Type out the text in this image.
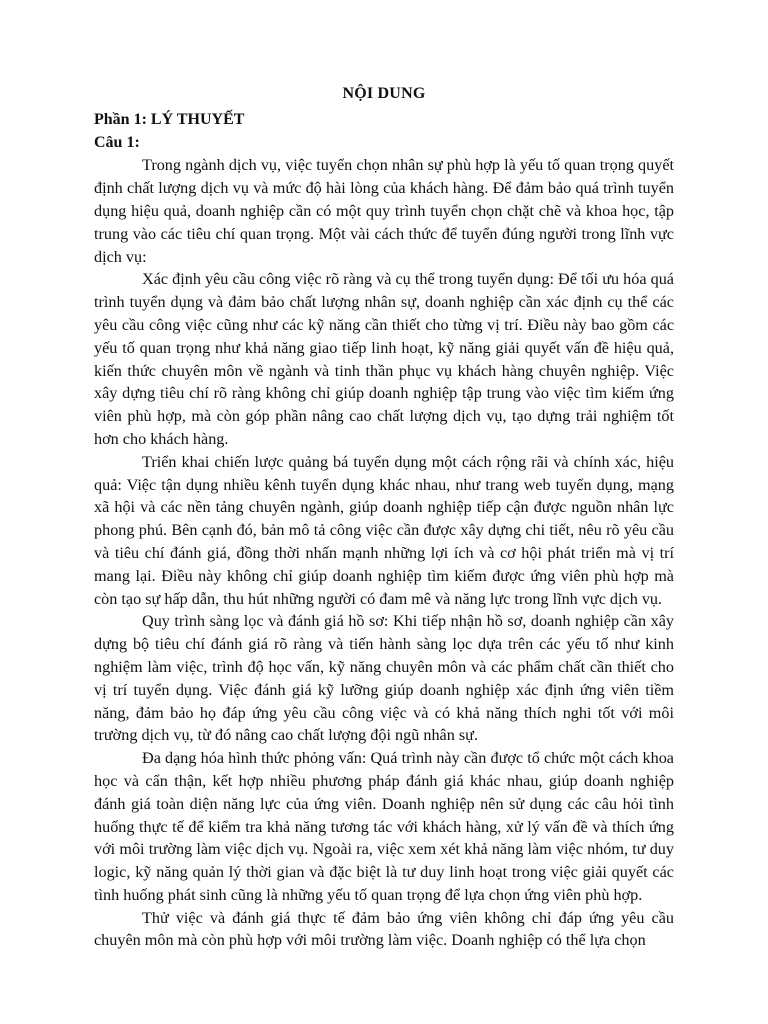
NỘI DUNG

Phần 1: LÝ THUYẾT

Câu 1:

Trong ngành dịch vụ, việc tuyển chọn nhân sự phù hợp là yếu tố quan trọng quyết định chất lượng dịch vụ và mức độ hài lòng của khách hàng. Để đảm bảo quá trình tuyển dụng hiệu quả, doanh nghiệp cần có một quy trình tuyển chọn chặt chẽ và khoa học, tập trung vào các tiêu chí quan trọng. Một vài cách thức để tuyển đúng người trong lĩnh vực dịch vụ:

Xác định yêu cầu công việc rõ ràng và cụ thể trong tuyển dụng: Để tối ưu hóa quá trình tuyển dụng và đảm bảo chất lượng nhân sự, doanh nghiệp cần xác định cụ thể các yêu cầu công việc cũng như các kỹ năng cần thiết cho từng vị trí. Điều này bao gồm các yếu tố quan trọng như khả năng giao tiếp linh hoạt, kỹ năng giải quyết vấn đề hiệu quả, kiến thức chuyên môn về ngành và tinh thần phục vụ khách hàng chuyên nghiệp. Việc xây dựng tiêu chí rõ ràng không chỉ giúp doanh nghiệp tập trung vào việc tìm kiếm ứng viên phù hợp, mà còn góp phần nâng cao chất lượng dịch vụ, tạo dựng trải nghiệm tốt hơn cho khách hàng.

Triển khai chiến lược quảng bá tuyển dụng một cách rộng rãi và chính xác, hiệu quả: Việc tận dụng nhiều kênh tuyển dụng khác nhau, như trang web tuyển dụng, mạng xã hội và các nền tảng chuyên ngành, giúp doanh nghiệp tiếp cận được nguồn nhân lực phong phú. Bên cạnh đó, bản mô tả công việc cần được xây dựng chi tiết, nêu rõ yêu cầu và tiêu chí đánh giá, đồng thời nhấn mạnh những lợi ích và cơ hội phát triển mà vị trí mang lại. Điều này không chỉ giúp doanh nghiệp tìm kiếm được ứng viên phù hợp mà còn tạo sự hấp dẫn, thu hút những người có đam mê và năng lực trong lĩnh vực dịch vụ.

Quy trình sàng lọc và đánh giá hồ sơ: Khi tiếp nhận hồ sơ, doanh nghiệp cần xây dựng bộ tiêu chí đánh giá rõ ràng và tiến hành sàng lọc dựa trên các yếu tố như kinh nghiệm làm việc, trình độ học vấn, kỹ năng chuyên môn và các phẩm chất cần thiết cho vị trí tuyển dụng. Việc đánh giá kỹ lưỡng giúp doanh nghiệp xác định ứng viên tiềm năng, đảm bảo họ đáp ứng yêu cầu công việc và có khả năng thích nghi tốt với môi trường dịch vụ, từ đó nâng cao chất lượng đội ngũ nhân sự.

Đa dạng hóa hình thức phỏng vấn: Quá trình này cần được tổ chức một cách khoa học và cẩn thận, kết hợp nhiều phương pháp đánh giá khác nhau, giúp doanh nghiệp đánh giá toàn diện năng lực của ứng viên. Doanh nghiệp nên sử dụng các câu hỏi tình huống thực tế để kiểm tra khả năng tương tác với khách hàng, xử lý vấn đề và thích ứng với môi trường làm việc dịch vụ. Ngoài ra, việc xem xét khả năng làm việc nhóm, tư duy logic, kỹ năng quản lý thời gian và đặc biệt là tư duy linh hoạt trong việc giải quyết các tình huống phát sinh cũng là những yếu tố quan trọng để lựa chọn ứng viên phù hợp.

Thử việc và đánh giá thực tế đảm bảo ứng viên không chỉ đáp ứng yêu cầu chuyên môn mà còn phù hợp với môi trường làm việc. Doanh nghiệp có thể lựa chọn
